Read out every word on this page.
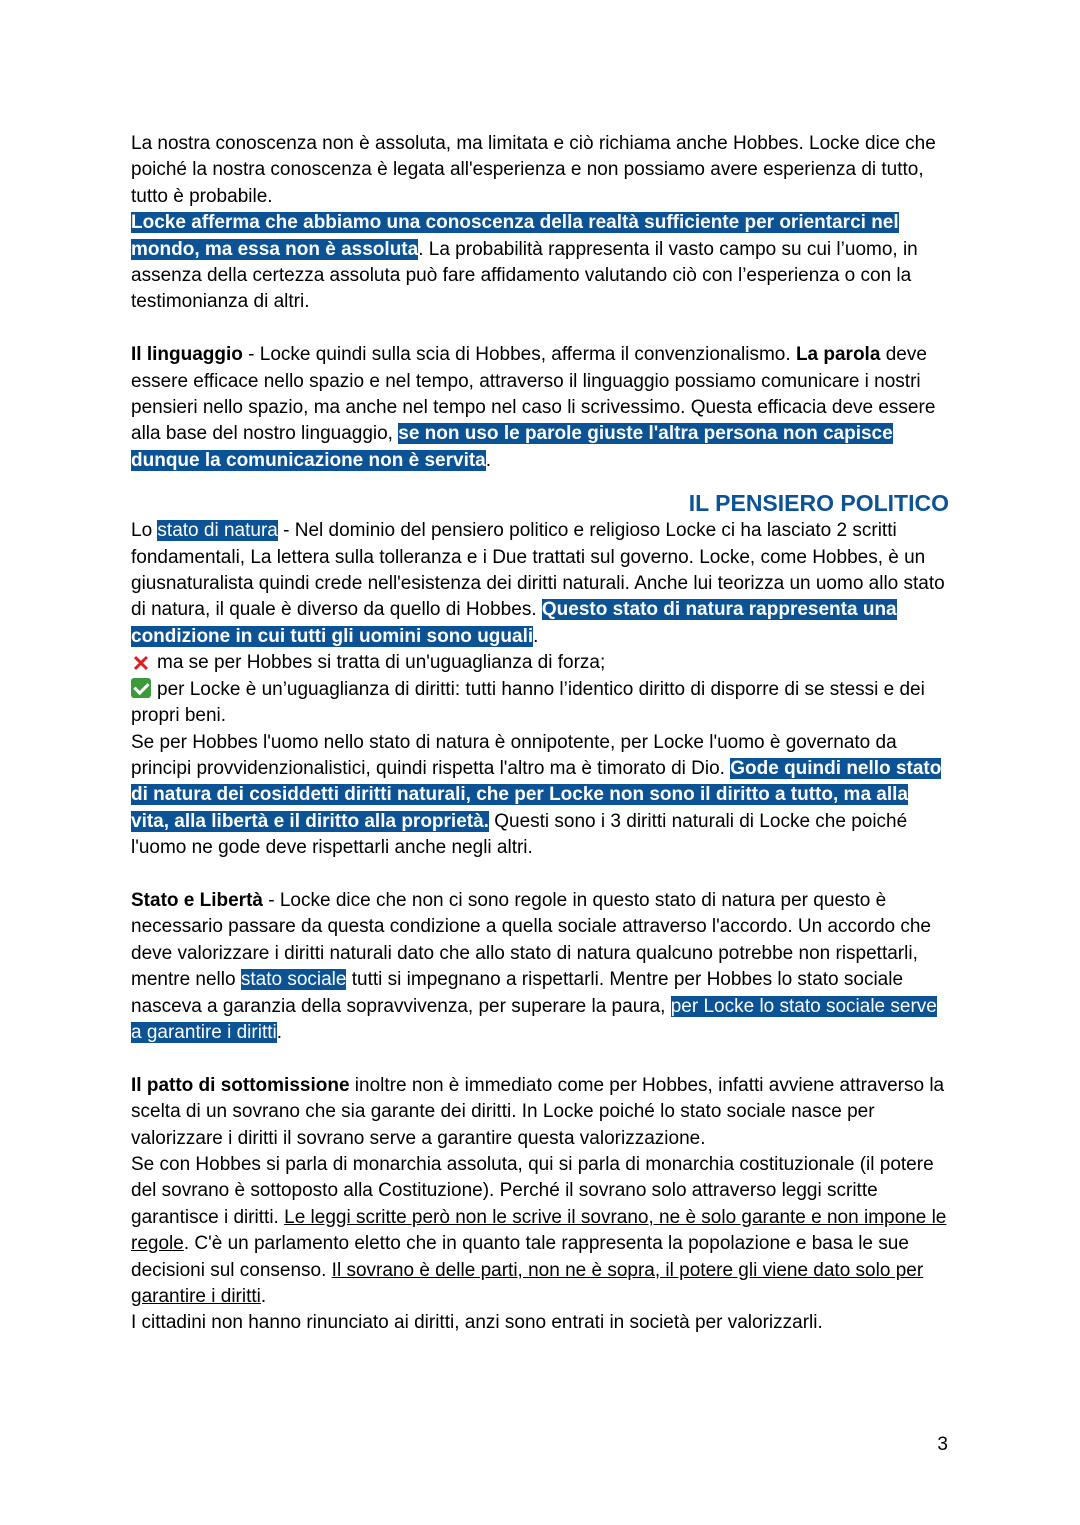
La nostra conoscenza non è assoluta, ma limitata e ciò richiama anche Hobbes. Locke dice che poiché la nostra conoscenza è legata all'esperienza e non possiamo avere esperienza di tutto, tutto è probabile.

Locke afferma che abbiamo una conoscenza della realtà sufficiente per orientarci nel mondo, ma essa non è assoluta. La probabilità rappresenta il vasto campo su cui l’uomo, in assenza della certezza assoluta può fare affidamento valutando ciò con l’esperienza o con la testimonianza di altri.

Il linguaggio - Locke quindi sulla scia di Hobbes, afferma il convenzionalismo. La parola deve essere efficace nello spazio e nel tempo, attraverso il linguaggio possiamo comunicare i nostri pensieri nello spazio, ma anche nel tempo nel caso li scrivessimo. Questa efficacia deve essere alla base del nostro linguaggio, se non uso le parole giuste l'altra persona non capisce dunque la comunicazione non è servita.

IL PENSIERO POLITICO

Lo stato di natura - Nel dominio del pensiero politico e religioso Locke ci ha lasciato 2 scritti fondamentali, La lettera sulla tolleranza e i Due trattati sul governo. Locke, come Hobbes, è un giusnaturalista quindi crede nell'esistenza dei diritti naturali. Anche lui teorizza un uomo allo stato di natura, il quale è diverso da quello di Hobbes. Questo stato di natura rappresenta una condizione in cui tutti gli uomini sono uguali.

✕ ma se per Hobbes si tratta di un'uguaglianza di forza;

per Locke è un’uguaglianza di diritti: tutti hanno l’identico diritto di disporre di se stessi e dei propri beni.

Se per Hobbes l'uomo nello stato di natura è onnipotente, per Locke l'uomo è governato da principi provvidenzionalistici, quindi rispetta l'altro ma è timorato di Dio. Gode quindi nello stato di natura dei cosiddetti diritti naturali, che per Locke non sono il diritto a tutto, ma alla vita, alla libertà e il diritto alla proprietà. Questi sono i 3 diritti naturali di Locke che poiché l'uomo ne gode deve rispettarli anche negli altri.

Stato e Libertà - Locke dice che non ci sono regole in questo stato di natura per questo è necessario passare da questa condizione a quella sociale attraverso l'accordo. Un accordo che deve valorizzare i diritti naturali dato che allo stato di natura qualcuno potrebbe non rispettarli, mentre nello stato sociale tutti si impegnano a rispettarli. Mentre per Hobbes lo stato sociale nasceva a garanzia della sopravvivenza, per superare la paura, per Locke lo stato sociale serve a garantire i diritti.

Il patto di sottomissione inoltre non è immediato come per Hobbes, infatti avviene attraverso la scelta di un sovrano che sia garante dei diritti. In Locke poiché lo stato sociale nasce per valorizzare i diritti il sovrano serve a garantire questa valorizzazione.

Se con Hobbes si parla di monarchia assoluta, qui si parla di monarchia costituzionale (il potere del sovrano è sottoposto alla Costituzione). Perché il sovrano solo attraverso leggi scritte garantisce i diritti. Le leggi scritte però non le scrive il sovrano, ne è solo garante e non impone le regole. C'è un parlamento eletto che in quanto tale rappresenta la popolazione e basa le sue decisioni sul consenso. Il sovrano è delle parti, non ne è sopra, il potere gli viene dato solo per garantire i diritti.

I cittadini non hanno rinunciato ai diritti, anzi sono entrati in società per valorizzarli.

3
